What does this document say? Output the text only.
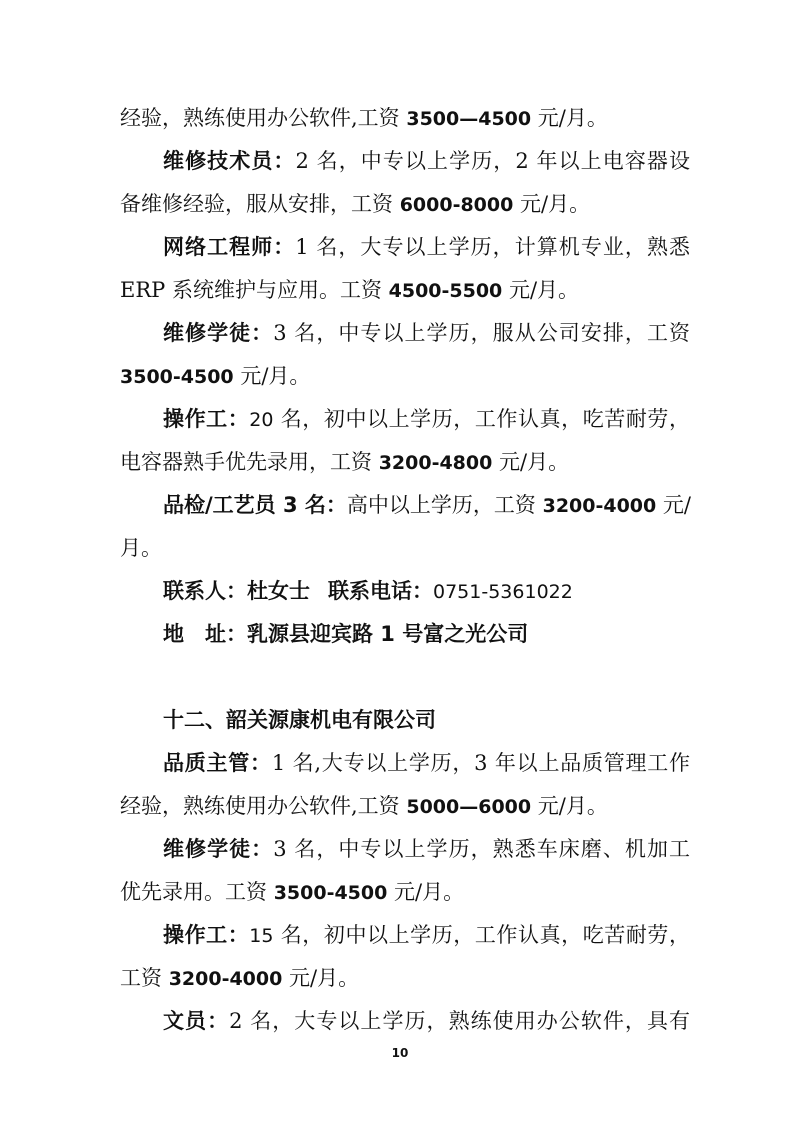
经验，熟练使用办公软件,工资 3500—4500 元/月。

维修技术员：2 名，中专以上学历，2 年以上电容器设

备维修经验，服从安排，工资 6000-8000 元/月。

网络工程师：1 名，大专以上学历，计算机专业，熟悉

ERP 系统维护与应用。工资 4500-5500 元/月。

维修学徒：3 名，中专以上学历，服从公司安排，工资

3500-4500 元/月。

操作工：20 名，初中以上学历，工作认真，吃苦耐劳，

电容器熟手优先录用，工资 3200-4800 元/月。

品检/工艺员 3 名：高中以上学历，工资 3200-4000 元/

月。

联系人：杜女士 联系电话：0751-5361022

地　址：乳源县迎宾路 1 号富之光公司

十二、韶关源康机电有限公司

品质主管：1 名,大专以上学历，3 年以上品质管理工作

经验，熟练使用办公软件,工资 5000—6000 元/月。

维修学徒：3 名，中专以上学历，熟悉车床磨、机加工

优先录用。工资 3500-4500 元/月。

操作工：15 名，初中以上学历，工作认真，吃苦耐劳，

工资 3200-4000 元/月。

文员：2 名，大专以上学历，熟练使用办公软件，具有

10
